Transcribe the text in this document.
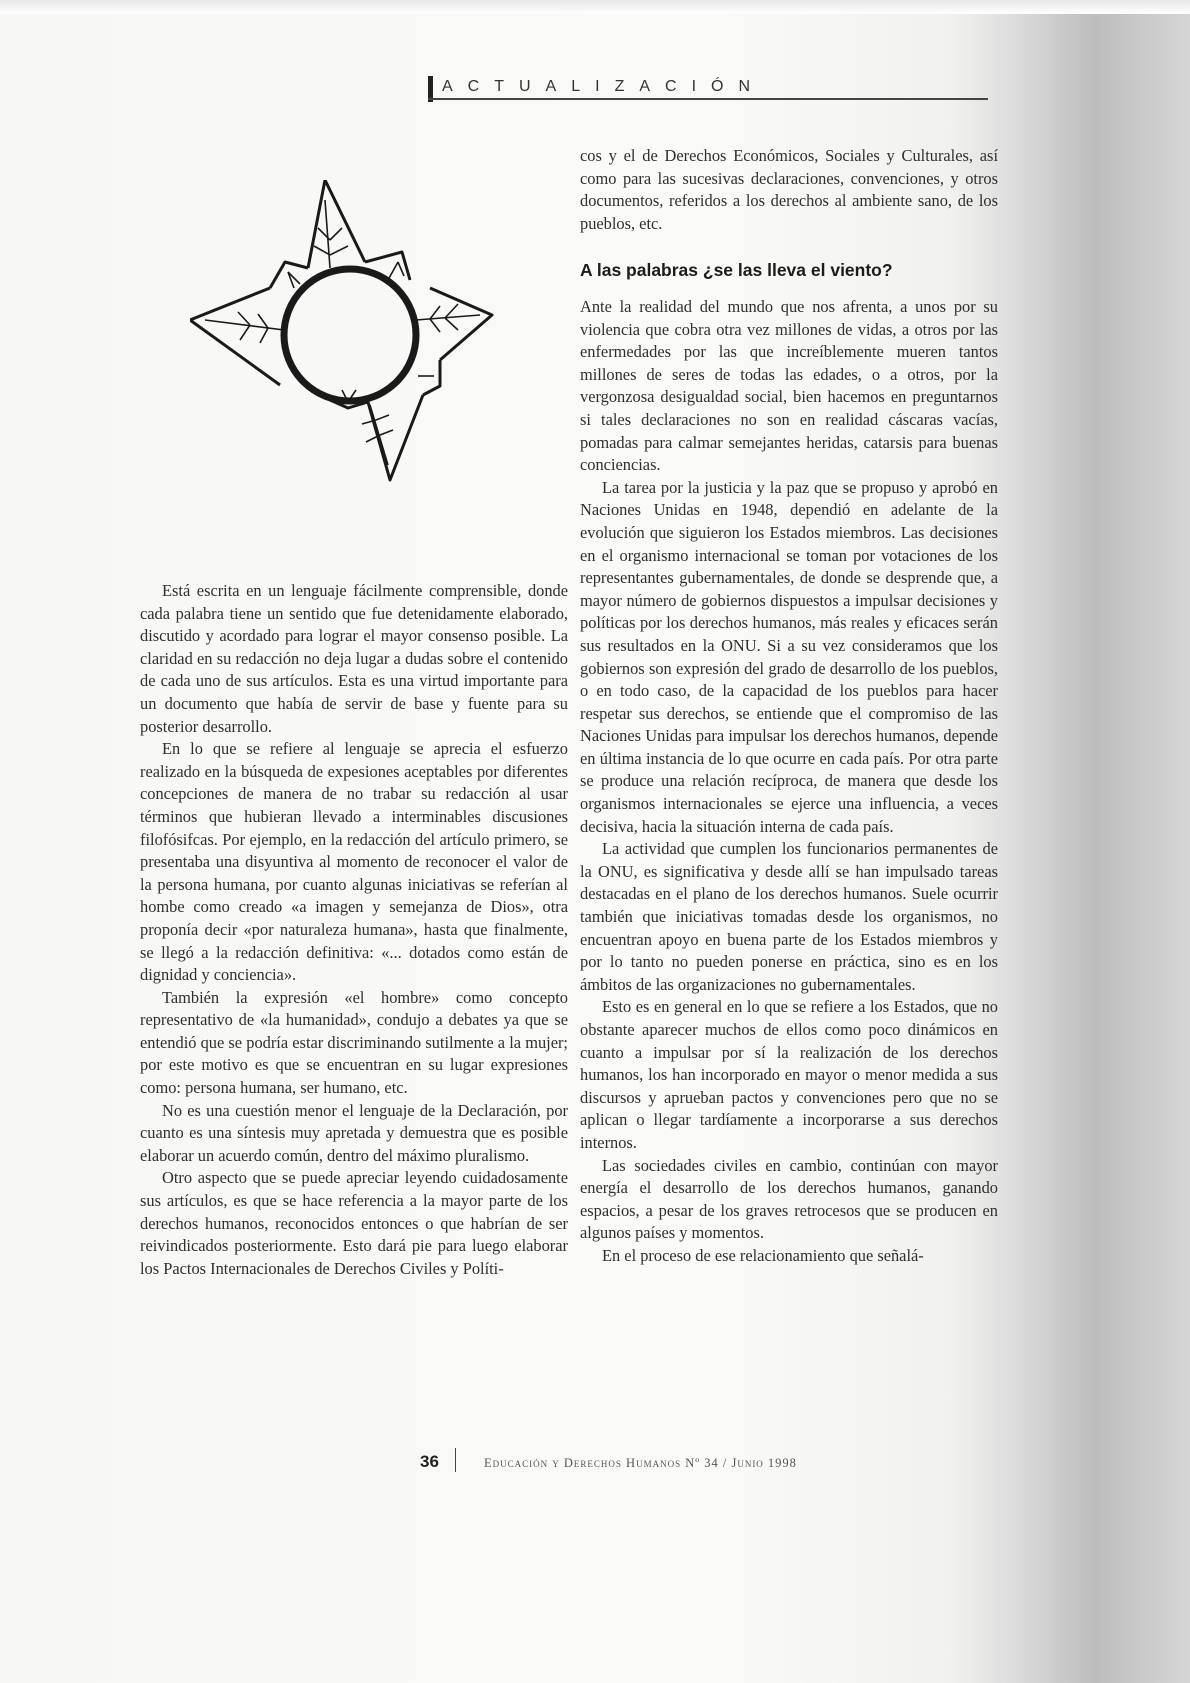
ACTUALIZACIÓN

cos y el de Derechos Económicos, Sociales y Culturales, así como para las sucesivas declaraciones, convenciones, y otros documentos, referidos a los derechos al ambiente sano, de los pueblos, etc.

A las palabras ¿se las lleva el viento?

Está escrita en un lenguaje fácilmente comprensible, donde cada palabra tiene un sentido que fue detenidamente elaborado, discutido y acordado para lograr el mayor consenso posible. La claridad en su redacción no deja lugar a dudas sobre el contenido de cada uno de sus artículos. Esta es una virtud importante para un documento que había de servir de base y fuente para su posterior desarrollo.

En lo que se refiere al lenguaje se aprecia el esfuerzo realizado en la búsqueda de expesiones aceptables por diferentes concepciones de manera de no trabar su redacción al usar términos que hubieran llevado a interminables discusiones filofósifcas. Por ejemplo, en la redacción del artículo primero, se presentaba una disyuntiva al momento de reconocer el valor de la persona humana, por cuanto algunas iniciativas se referían al hombe como creado «a imagen y semejanza de Dios», otra proponía decir «por naturaleza humana», hasta que finalmente, se llegó a la redacción definitiva: «... dotados como están de dignidad y conciencia».

También la expresión «el hombre» como concepto representativo de «la humanidad», condujo a debates ya que se entendió que se podría estar discriminando sutilmente a la mujer; por este motivo es que se encuentran en su lugar expresiones como: persona humana, ser humano, etc.

No es una cuestión menor el lenguaje de la Declaración, por cuanto es una síntesis muy apretada y demuestra que es posible elaborar un acuerdo común, dentro del máximo pluralismo.

Otro aspecto que se puede apreciar leyendo cuidadosamente sus artículos, es que se hace referencia a la mayor parte de los derechos humanos, reconocidos entonces o que habrían de ser reivindicados posteriormente. Esto dará pie para luego elaborar los Pactos Internacionales de Derechos Civiles y Políti-

Ante la realidad del mundo que nos afrenta, a unos por su violencia que cobra otra vez millones de vidas, a otros por las enfermedades por las que increíblemente mueren tantos millones de seres de todas las edades, o a otros, por la vergonzosa desigualdad social, bien hacemos en preguntarnos si tales declaraciones no son en realidad cáscaras vacías, pomadas para calmar semejantes heridas, catarsis para buenas conciencias.

La tarea por la justicia y la paz que se propuso y aprobó en Naciones Unidas en 1948, dependió en adelante de la evolución que siguieron los Estados miembros. Las decisiones en el organismo internacional se toman por votaciones de los representantes gubernamentales, de donde se desprende que, a mayor número de gobiernos dispuestos a impulsar decisiones y políticas por los derechos humanos, más reales y eficaces serán sus resultados en la ONU. Si a su vez consideramos que los gobiernos son expresión del grado de desarrollo de los pueblos, o en todo caso, de la capacidad de los pueblos para hacer respetar sus derechos, se entiende que el compromiso de las Naciones Unidas para impulsar los derechos humanos, depende en última instancia de lo que ocurre en cada país. Por otra parte se produce una relación recíproca, de manera que desde los organismos internacionales se ejerce una influencia, a veces decisiva, hacia la situación interna de cada país.

La actividad que cumplen los funcionarios permanentes de la ONU, es significativa y desde allí se han impulsado tareas destacadas en el plano de los derechos humanos. Suele ocurrir también que iniciativas tomadas desde los organismos, no encuentran apoyo en buena parte de los Estados miembros y por lo tanto no pueden ponerse en práctica, sino es en los ámbitos de las organizaciones no gubernamentales.

Esto es en general en lo que se refiere a los Estados, que no obstante aparecer muchos de ellos como poco dinámicos en cuanto a impulsar por sí la realización de los derechos humanos, los han incorporado en mayor o menor medida a sus discursos y aprueban pactos y convenciones pero que no se aplican o llegar tardíamente a incorporarse a sus derechos internos.

Las sociedades civiles en cambio, continúan con mayor energía el desarrollo de los derechos humanos, ganando espacios, a pesar de los graves retrocesos que se producen en algunos países y momentos.

En el proceso de ese relacionamiento que señalá-

36	Educación y Derechos Humanos Nº 34 / Junio 1998
